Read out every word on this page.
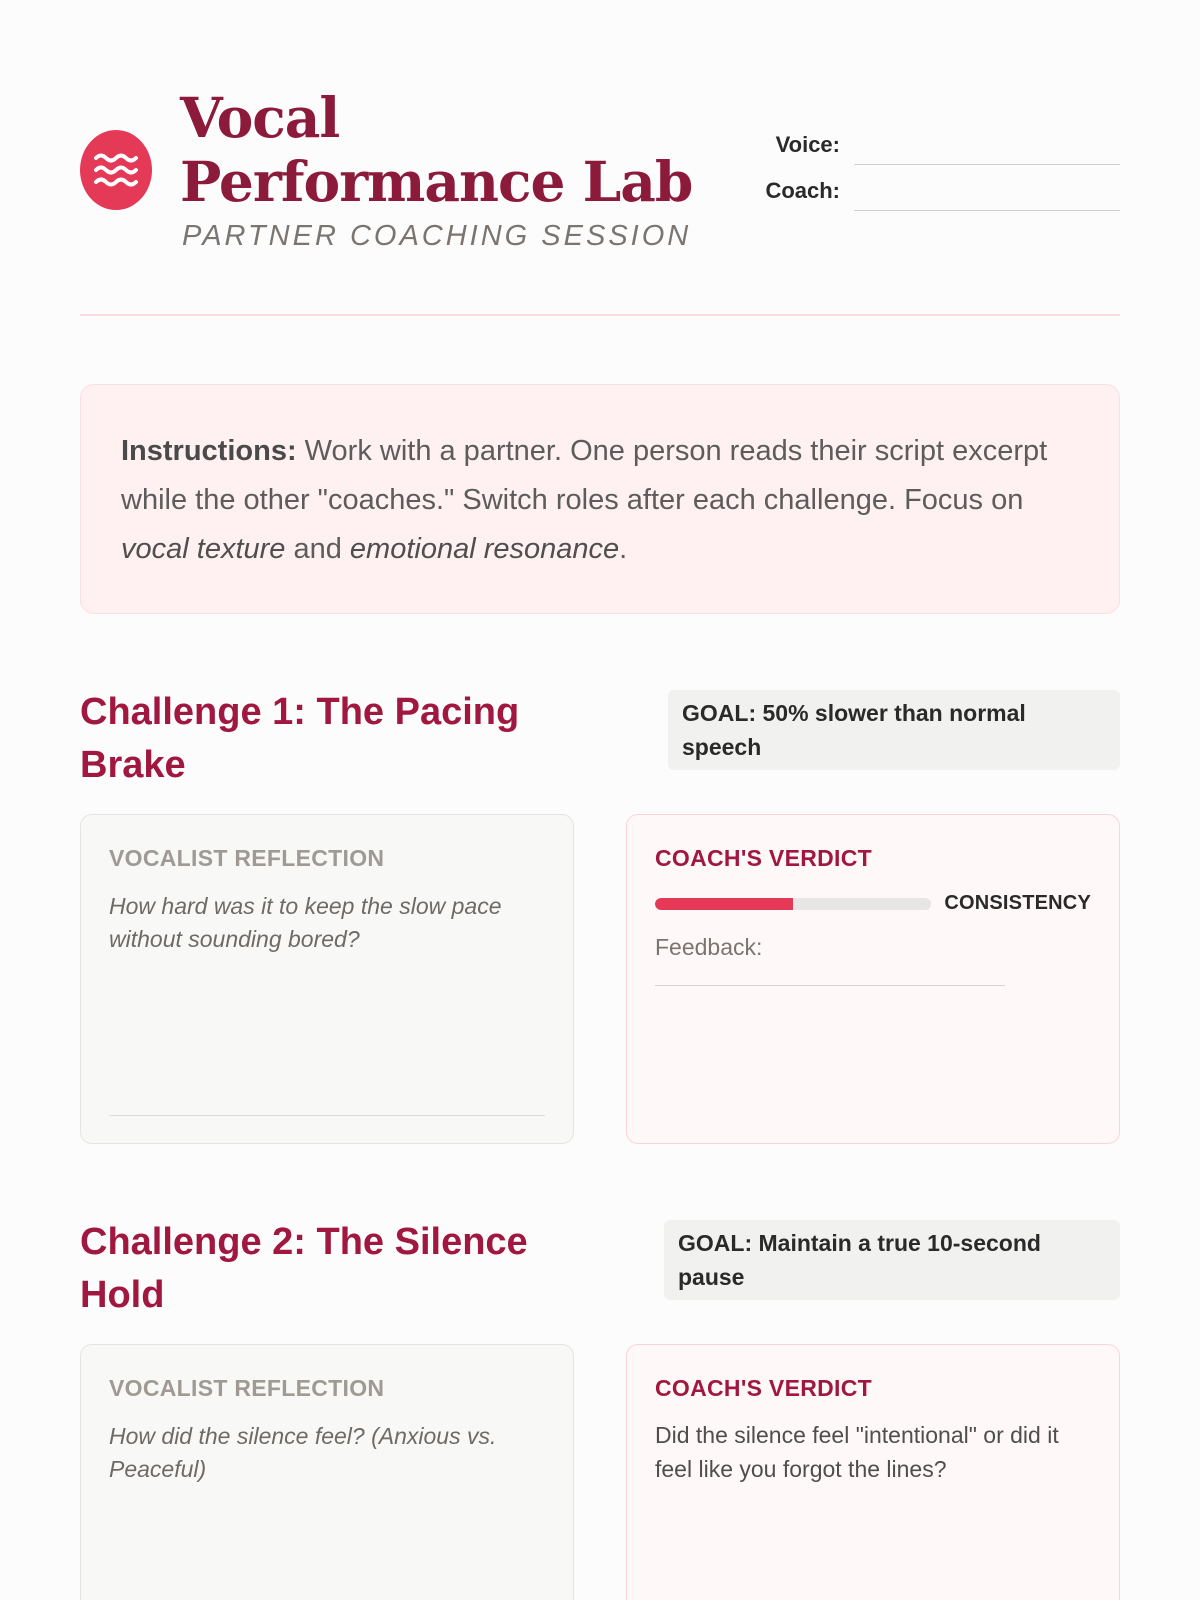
Vocal Performance Lab
PARTNER COACHING SESSION
Voice:
Coach:
Instructions: Work with a partner. One person reads their script excerpt while the other "coaches." Switch roles after each challenge. Focus on vocal texture and emotional resonance.
Challenge 1: The Pacing Brake
GOAL: 50% slower than normal speech
VOCALIST REFLECTION
How hard was it to keep the slow pace without sounding bored?
COACH'S VERDICT
CONSISTENCY
Feedback:
Challenge 2: The Silence Hold
GOAL: Maintain a true 10-second pause
VOCALIST REFLECTION
How did the silence feel? (Anxious vs. Peaceful)
COACH'S VERDICT
Did the silence feel "intentional" or did it feel like you forgot the lines?
